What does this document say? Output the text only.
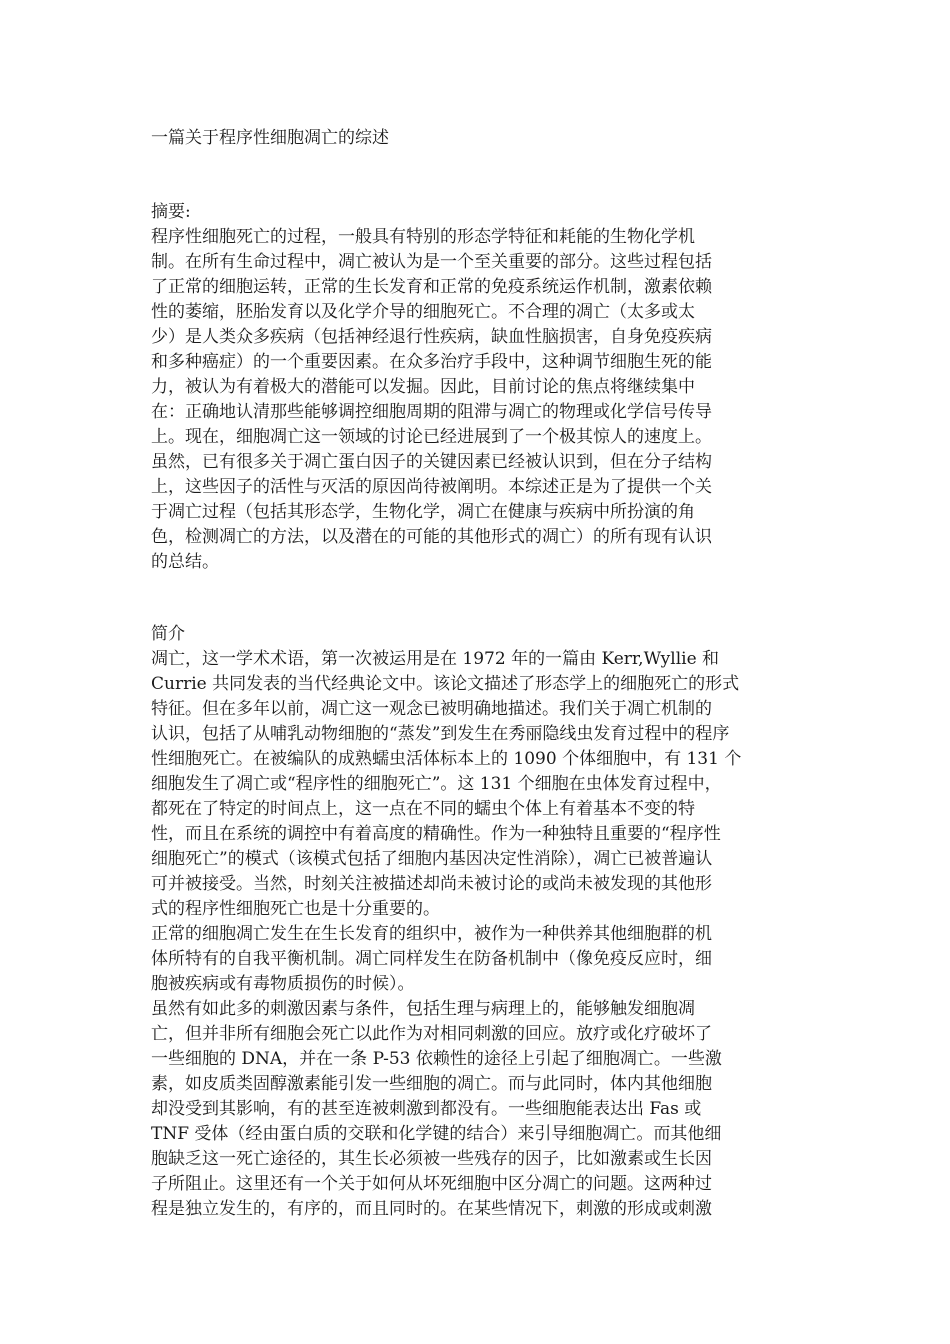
一篇关于程序性细胞凋亡的综述
摘要:
程序性细胞死亡的过程，一般具有特别的形态学特征和耗能的生物化学机
制。在所有生命过程中，凋亡被认为是一个至关重要的部分。这些过程包括
了正常的细胞运转，正常的生长发育和正常的免疫系统运作机制，激素依赖
性的萎缩，胚胎发育以及化学介导的细胞死亡。不合理的凋亡（太多或太
少）是人类众多疾病（包括神经退行性疾病，缺血性脑损害，自身免疫疾病
和多种癌症）的一个重要因素。在众多治疗手段中，这种调节细胞生死的能
力，被认为有着极大的潜能可以发掘。因此，目前讨论的焦点将继续集中
在：正确地认清那些能够调控细胞周期的阻滞与凋亡的物理或化学信号传导
上。现在，细胞凋亡这一领域的讨论已经进展到了一个极其惊人的速度上。
虽然，已有很多关于凋亡蛋白因子的关键因素已经被认识到，但在分子结构
上，这些因子的活性与灭活的原因尚待被阐明。本综述正是为了提供一个关
于凋亡过程（包括其形态学，生物化学，凋亡在健康与疾病中所扮演的角
色，检测凋亡的方法，以及潜在的可能的其他形式的凋亡）的所有现有认识
的总结。
简介
凋亡，这一学术术语，第一次被运用是在 1972 年的一篇由 Kerr,Wyllie 和
Currie 共同发表的当代经典论文中。该论文描述了形态学上的细胞死亡的形式
特征。但在多年以前，凋亡这一观念已被明确地描述。我们关于凋亡机制的
认识，包括了从哺乳动物细胞的“蒸发”到发生在秀丽隐线虫发育过程中的程序
性细胞死亡。在被编队的成熟蠕虫活体标本上的 1090 个体细胞中，有 131 个
细胞发生了凋亡或“程序性的细胞死亡”。这 131 个细胞在虫体发育过程中，
都死在了特定的时间点上，这一点在不同的蠕虫个体上有着基本不变的特
性，而且在系统的调控中有着高度的精确性。作为一种独特且重要的“程序性
细胞死亡”的模式（该模式包括了细胞内基因决定性消除），凋亡已被普遍认
可并被接受。当然，时刻关注被描述却尚未被讨论的或尚未被发现的其他形
式的程序性细胞死亡也是十分重要的。
正常的细胞凋亡发生在生长发育的组织中，被作为一种供养其他细胞群的机
体所特有的自我平衡机制。凋亡同样发生在防备机制中（像免疫反应时，细
胞被疾病或有毒物质损伤的时候）。
虽然有如此多的刺激因素与条件，包括生理与病理上的，能够触发细胞凋
亡，但并非所有细胞会死亡以此作为对相同刺激的回应。放疗或化疗破坏了
一些细胞的 DNA，并在一条 P-53 依赖性的途径上引起了细胞凋亡。一些激
素，如皮质类固醇激素能引发一些细胞的凋亡。而与此同时，体内其他细胞
却没受到其影响，有的甚至连被刺激到都没有。一些细胞能表达出 Fas 或
TNF 受体（经由蛋白质的交联和化学键的结合）来引导细胞凋亡。而其他细
胞缺乏这一死亡途径的，其生长必须被一些残存的因子，比如激素或生长因
子所阻止。这里还有一个关于如何从坏死细胞中区分凋亡的问题。这两种过
程是独立发生的，有序的，而且同时的。在某些情况下，刺激的形成或刺激
